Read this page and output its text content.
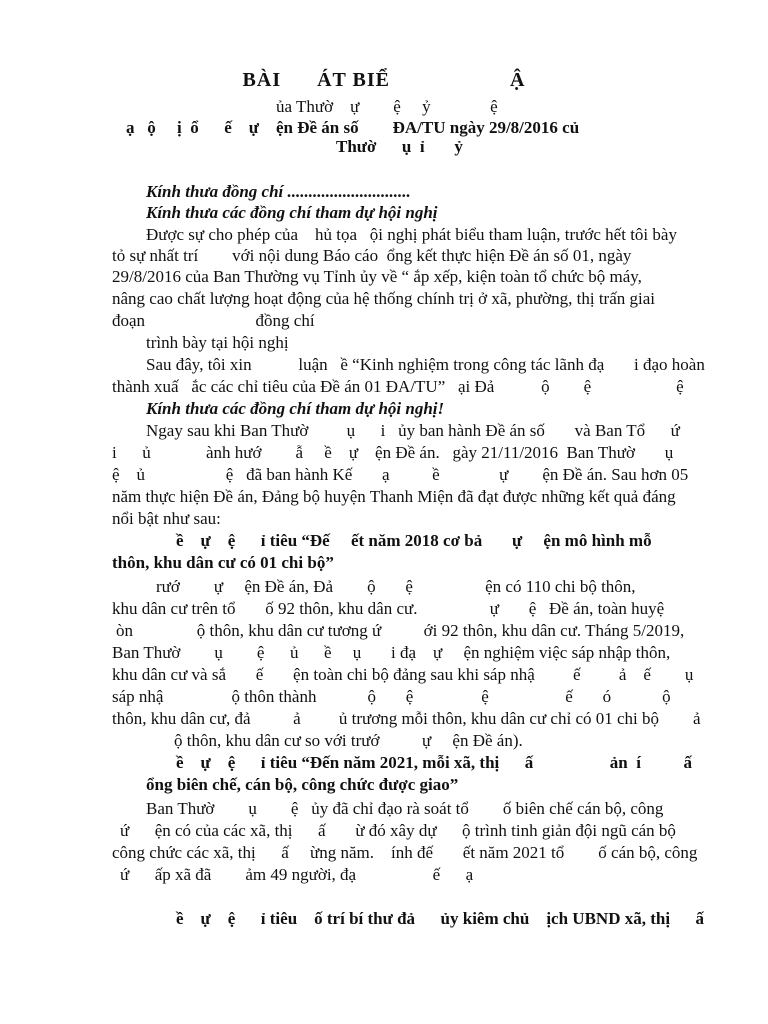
BÀI      ÁT BIỂ                    Ậ
ủa Thườ    ự        ệ     ỷ              ệ
ạ   ộ     ị  ổ      ế    ự    ện Đề án số        ĐA/TU ngày 29/8/2016 củ
Thườ      ụ  ỉ       ỷ
Kính thưa đồng chí .............................
Kính thưa các đồng chí tham dự hội nghị
Được sự cho phép của    hủ tọa   ội nghị phát biểu tham luận, trước hết tôi bày
tỏ sự nhất trí        với nội dung Báo cáo  ổng kết thực hiện Đề án số 01, ngày
29/8/2016 của Ban Thường vụ Tỉnh ủy về “ ắp xếp, kiện toàn tổ chức bộ máy,
nâng cao chất lượng hoạt động của hệ thống chính trị ở xã, phường, thị trấn giai
đoạn                          đồng chí
trình bày tại hội nghị
Sau đây, tôi xin           luận   ề “Kinh nghiệm trong công tác lãnh đạ       i đạo hoàn
thành xuấ   ắc các chỉ tiêu của Đề án 01 ĐA/TU”   ại Đả           ộ        ệ                    ệ
Kính thưa các đồng chí tham dự hội nghị!
Ngay sau khi Ban Thườ         ụ      i   ủy ban hành Đề án số       và Ban Tổ      ứ
i      ủ             ành hướ        ẫ     ề    ự    ện Đề án.   gày 21/11/2016  Ban Thườ       ụ
ệ    ủ                   ệ   đã ban hành Kế       ạ          ề              ự        ện Đề án. Sau hơn 05
năm thực hiện Đề án, Đảng bộ huyện Thanh Miện đã đạt được những kết quả đáng
nổi bật như sau:
ề    ự    ệ      ỉ tiêu “Đế     ết năm 2018 cơ bả       ự     ện mô hình mỗ
thôn, khu dân cư có 01 chi bộ”
rướ        ự     ện Đề án, Đả        ộ       ệ                 ện có 110 chi bộ thôn,
khu dân cư trên tổ       ố 92 thôn, khu dân cư.                 ự       ệ   Đề án, toàn huyệ
òn               ộ thôn, khu dân cư tương ứ          ới 92 thôn, khu dân cư. Tháng 5/2019,
Ban Thườ        ụ        ệ      ủ      ề     ụ       i đạ    ự     ện nghiệm việc sáp nhập thôn,
khu dân cư và sắ       ế       ện toàn chi bộ đảng sau khi sáp nhậ         ế         ả    ế        ụ
sáp nhậ                ộ thôn thành            ộ       ệ                ệ                  ế       ó            ộ
thôn, khu dân cư, đả          ả         ủ trương mỗi thôn, khu dân cư chỉ có 01 chi bộ        ả
ộ thôn, khu dân cư so với trướ          ự     ện Đề án).
ề    ự    ệ      ỉ tiêu “Đến năm 2021, mỗi xã, thị      ấ                  ản  í          ấ
ổng biên chế, cán bộ, công chức được giao”
Ban Thườ        ụ        ệ   ủy đã chỉ đạo rà soát tổ        ố biên chế cán bộ, công
ứ      ện có của các xã, thị      ấ       ừ đó xây dự      ộ trình tinh giản đội ngũ cán bộ
công chức các xã, thị      ấ     ừng năm.    ính đế       ết năm 2021 tổ        ố cán bộ, công
ứ      ấp xã đã        ảm 49 người, đạ                  ế      ạ
ề    ự    ệ      ỉ tiêu    ố trí bí thư đả      ủy kiêm chủ    ịch UBND xã, thị      ấ
